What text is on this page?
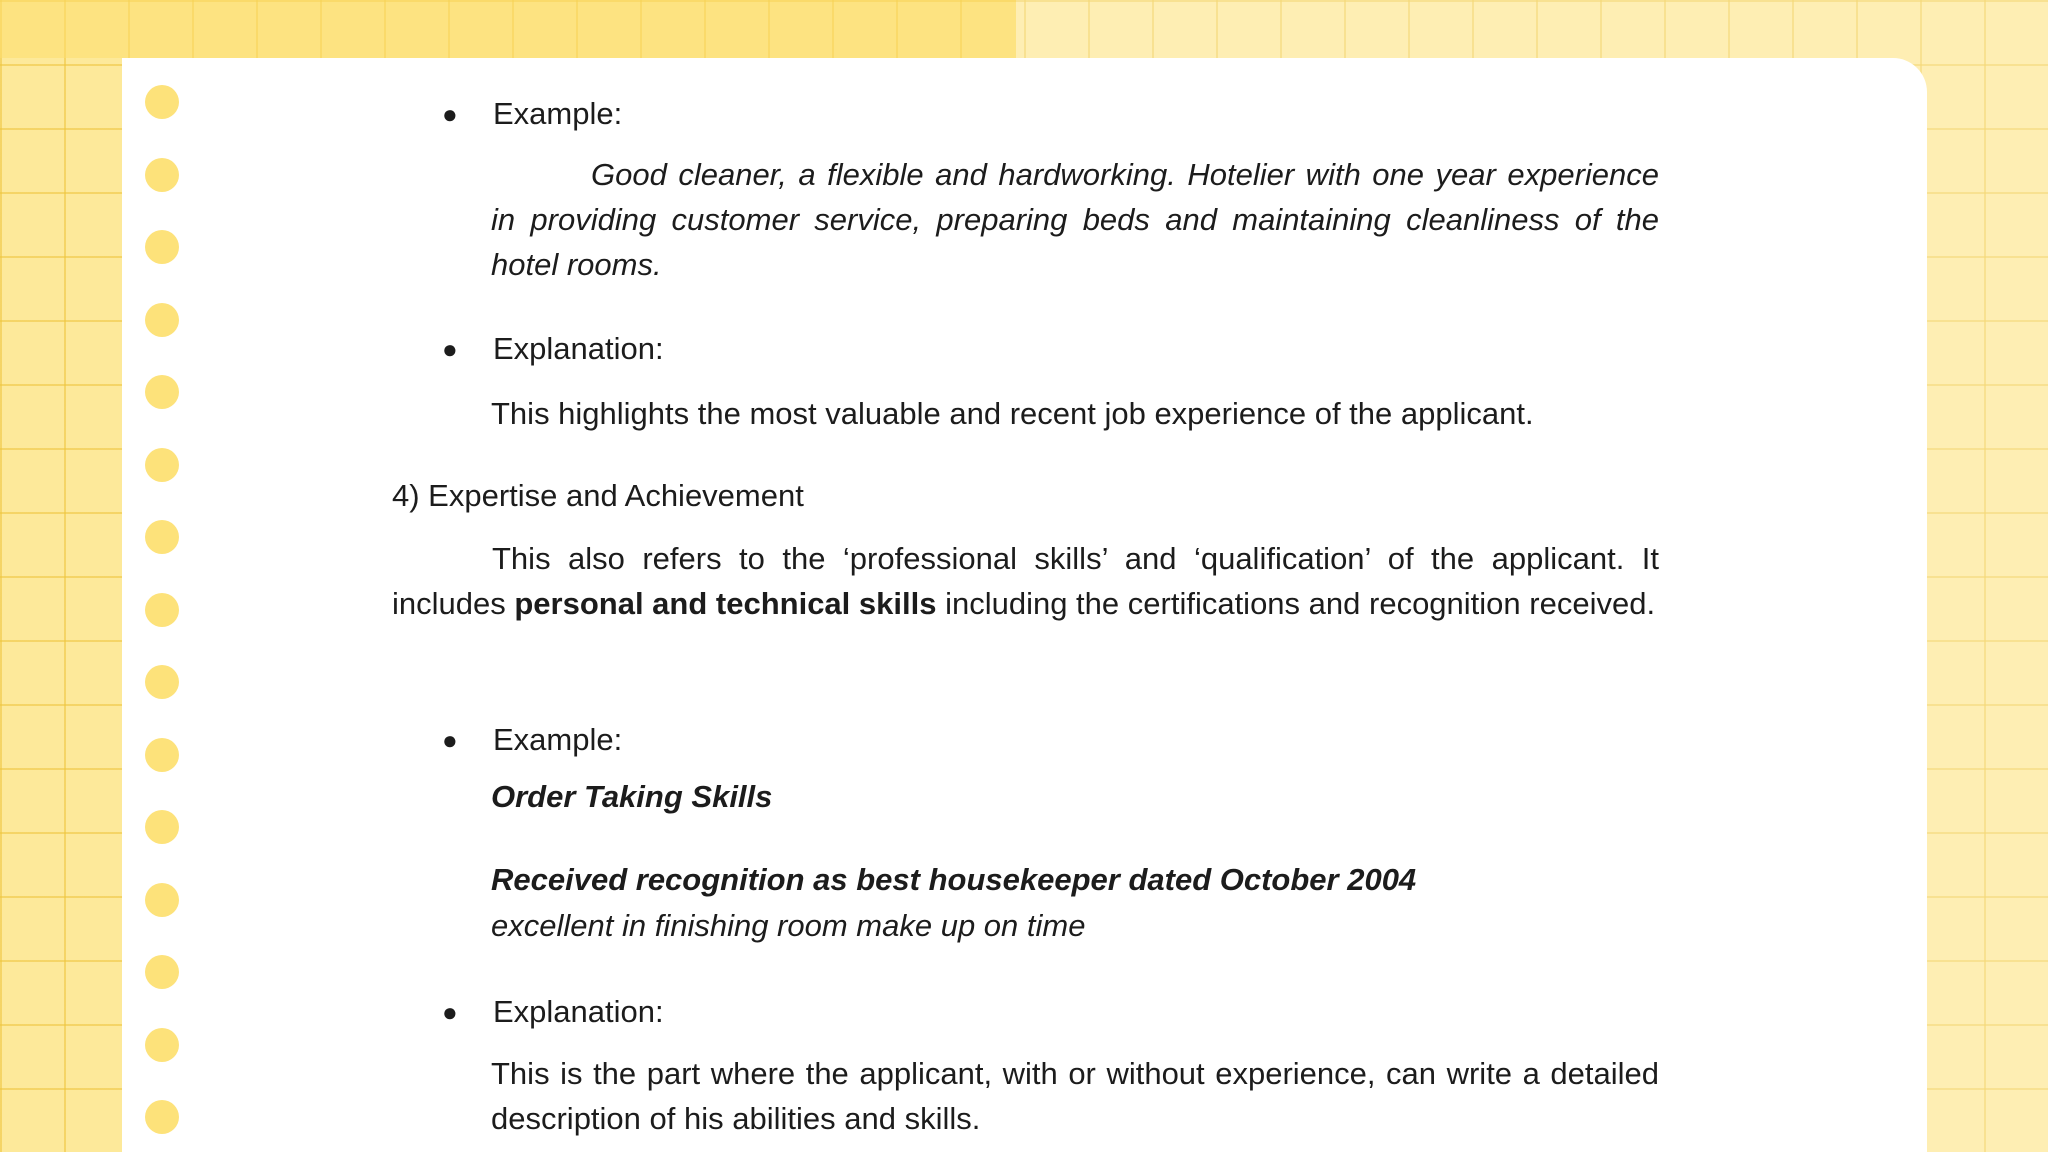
● Example:

Good cleaner, a flexible and hardworking. Hotelier with one year experience in providing customer service, preparing beds and maintaining cleanliness of the hotel rooms.

● Explanation:

This highlights the most valuable and recent job experience of the applicant.

4) Expertise and Achievement

This also refers to the ‘professional skills’ and ‘qualification’ of the applicant. It includes personal and technical skills including the certifications and recognition received.

● Example:

Order Taking Skills

Received recognition as best housekeeper dated October 2004

excellent in finishing room make up on time

● Explanation:

This is the part where the applicant, with or without experience, can write a detailed description of his abilities and skills.
